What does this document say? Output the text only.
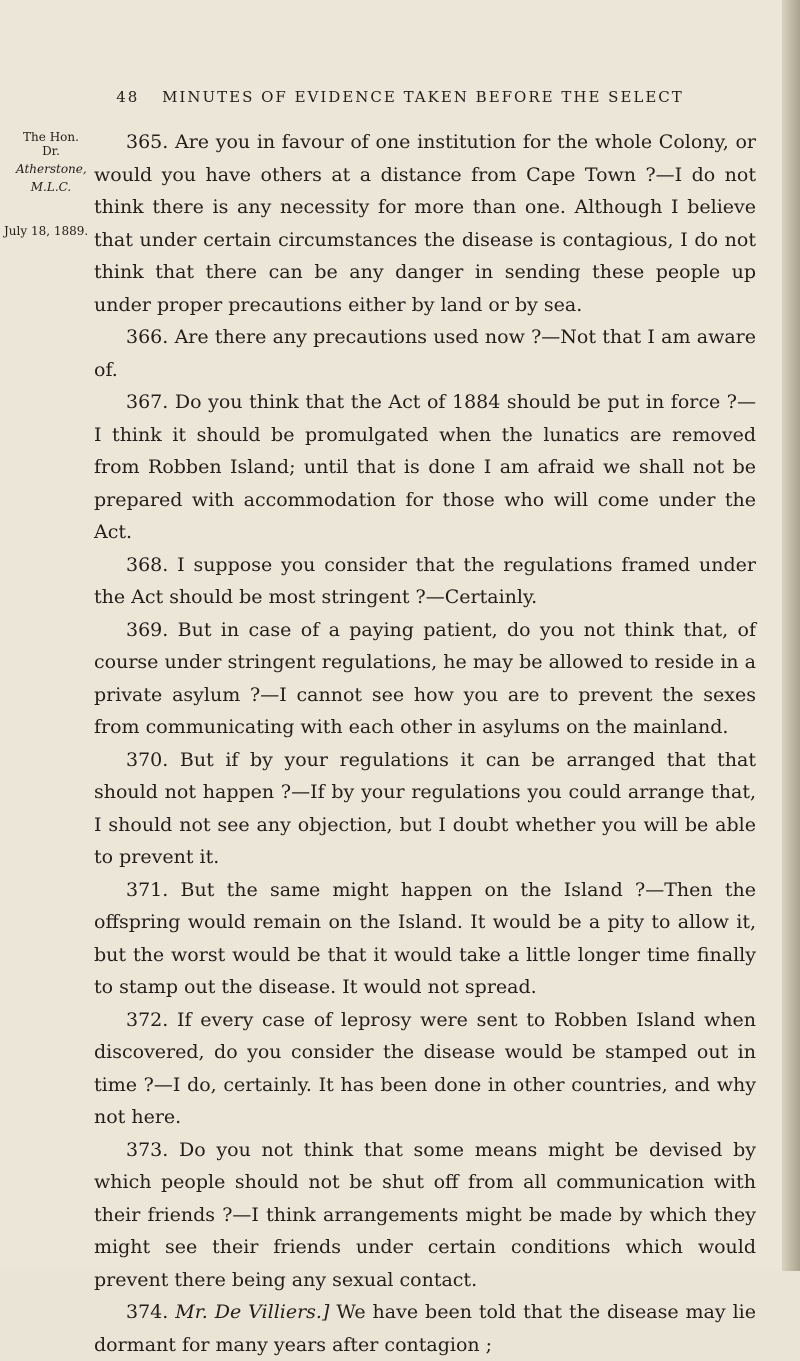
48 MINUTES OF EVIDENCE TAKEN BEFORE THE SELECT
The Hon.
Dr.
Atherstone,
M.L.C.
July 18, 1889.

365. Are you in favour of one institution for the whole Colony, or would you have others at a distance from Cape Town ?—I do not think there is any necessity for more than one. Although I believe that under certain circumstances the disease is contagious, I do not think that there can be any danger in sending these people up under proper precautions either by land or by sea.

366. Are there any precautions used now ?—Not that I am aware of.

367. Do you think that the Act of 1884 should be put in force ?—I think it should be promulgated when the lunatics are removed from Robben Island; until that is done I am afraid we shall not be prepared with accommodation for those who will come under the Act.

368. I suppose you consider that the regulations framed under the Act should be most stringent ?—Certainly.

369. But in case of a paying patient, do you not think that, of course under stringent regulations, he may be allowed to reside in a private asylum ?—I cannot see how you are to prevent the sexes from communicating with each other in asylums on the mainland.

370. But if by your regulations it can be arranged that that should not happen ?—If by your regulations you could arrange that, I should not see any objection, but I doubt whether you will be able to prevent it.

371. But the same might happen on the Island ?—Then the offspring would remain on the Island. It would be a pity to allow it, but the worst would be that it would take a little longer time finally to stamp out the disease. It would not spread.

372. If every case of leprosy were sent to Robben Island when discovered, do you consider the disease would be stamped out in time ?—I do, certainly. It has been done in other countries, and why not here.

373. Do you not think that some means might be devised by which people should not be shut off from all communication with their friends ?—I think arrangements might be made by which they might see their friends under certain conditions which would prevent there being any sexual contact.

374. Mr. De Villiers.] We have been told that the disease may lie dormant for many years after contagion ;
